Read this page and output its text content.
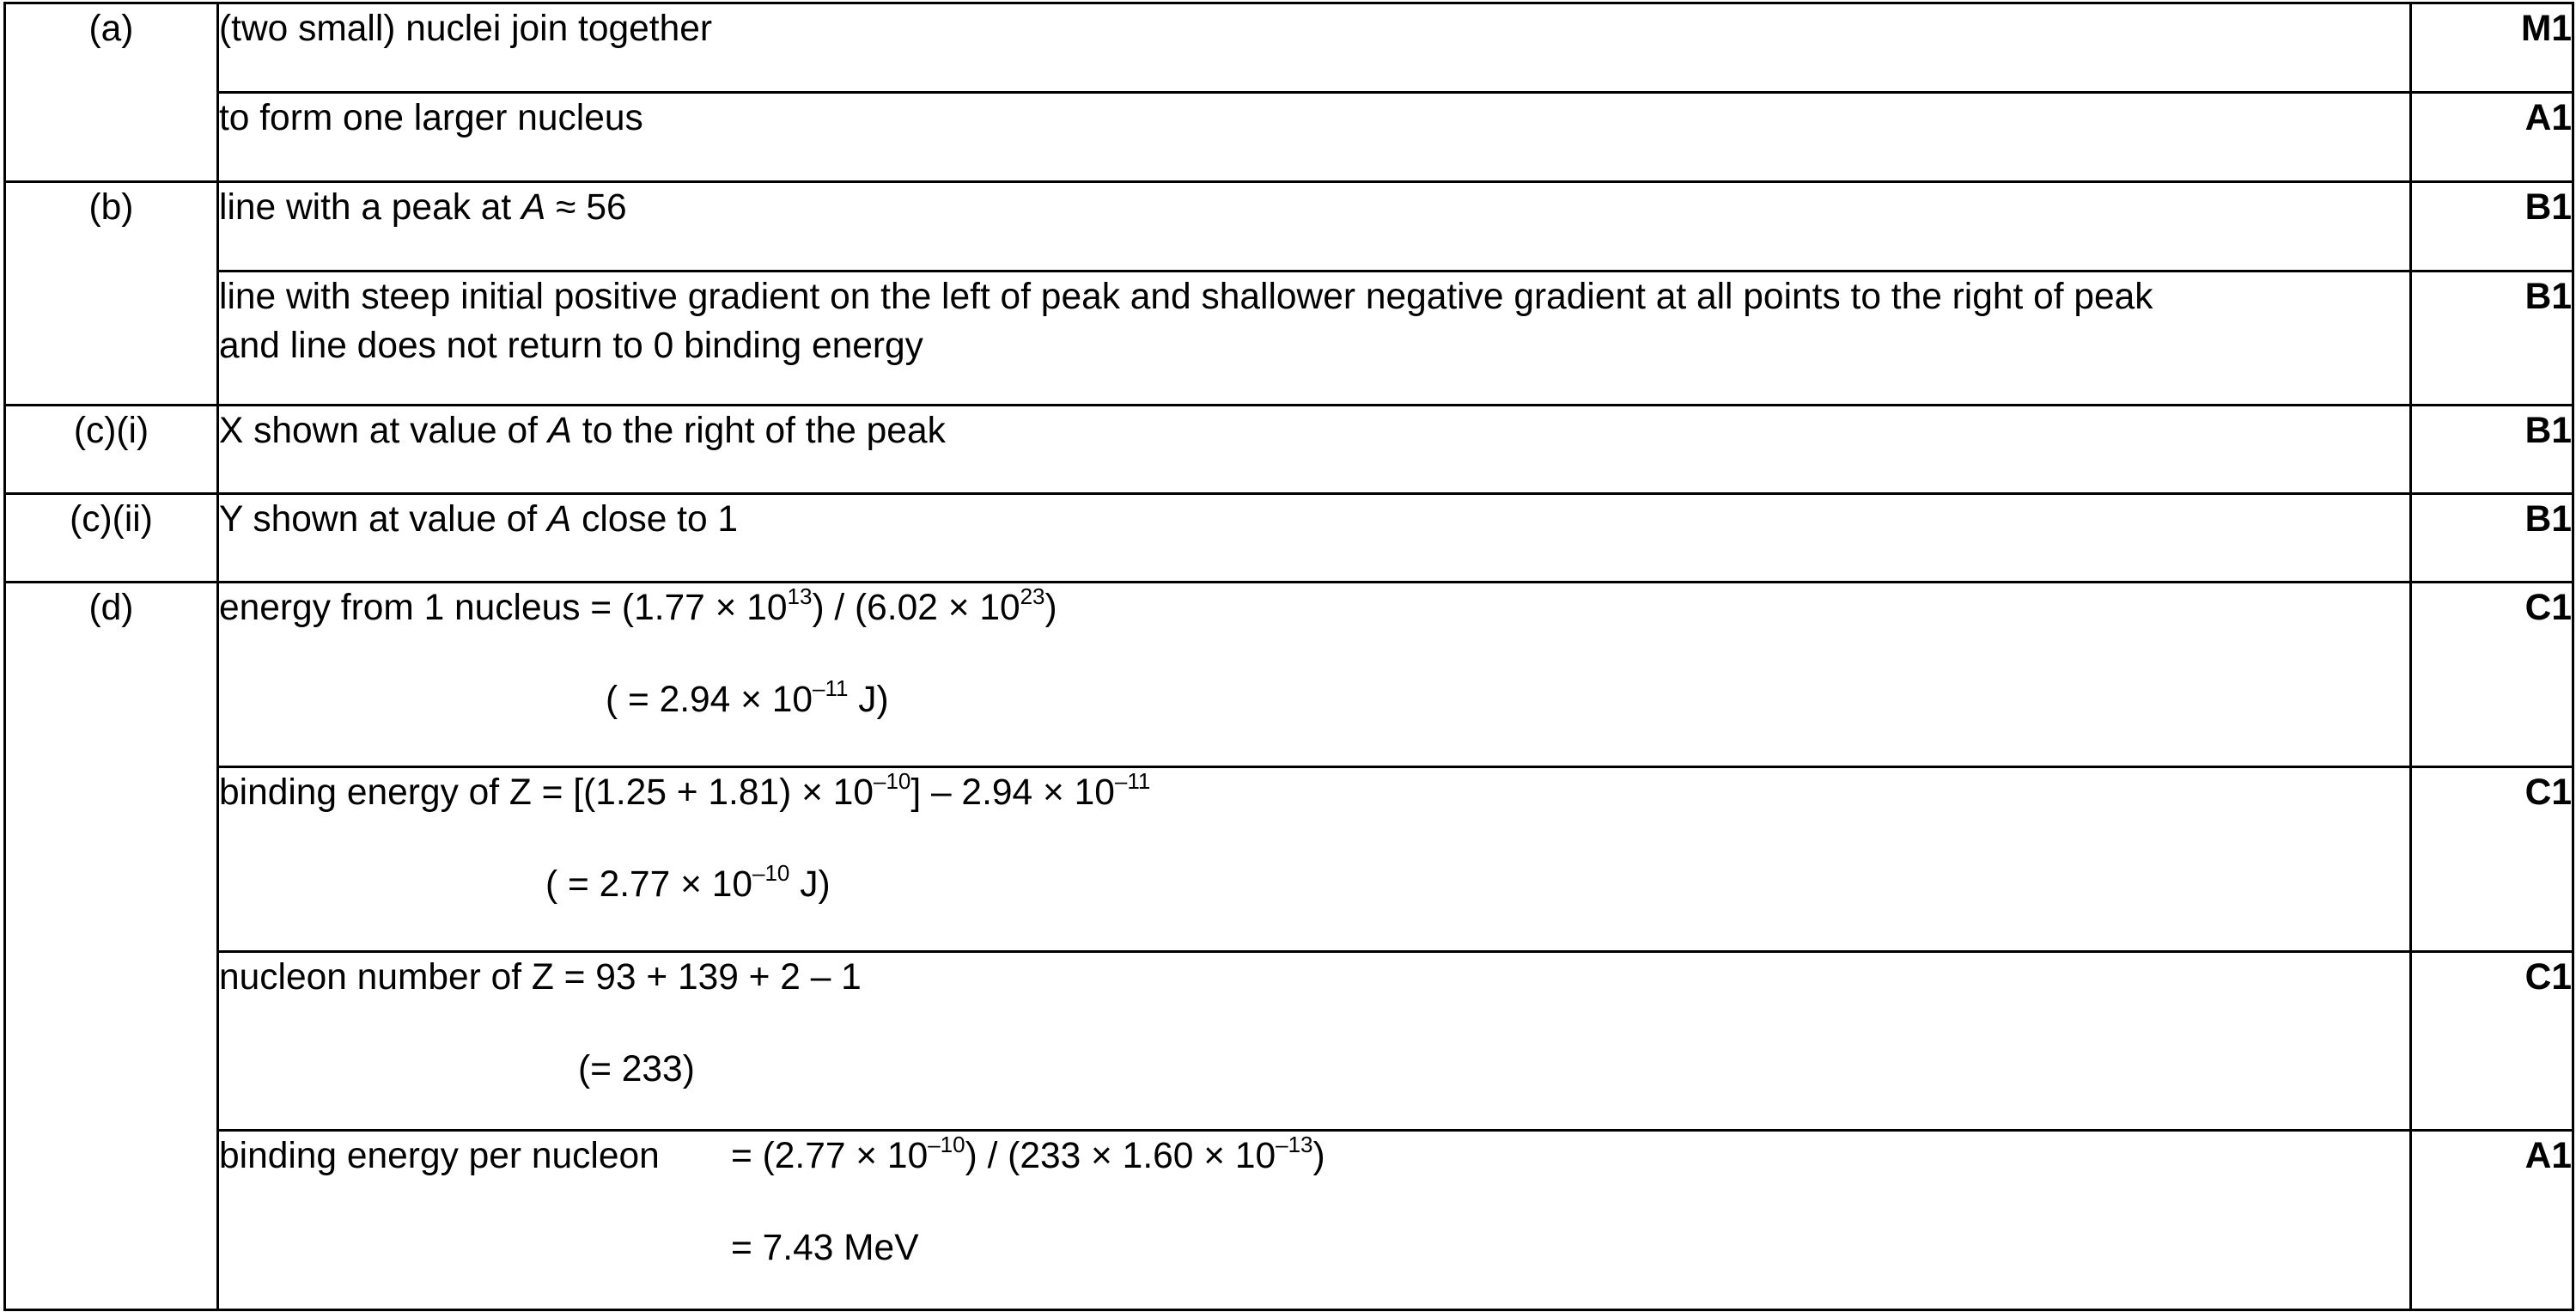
(a)	(two small) nuclei join together	M1
	to form one larger nucleus	A1
(b)	line with a peak at A ≈ 56	B1

	line with steep initial positive gradient on the left of peak and shallower negative gradient at all points to the right of peak
and line does not return to 0 binding energy	B1
(c)(i)	X shown at value of A to the right of the peak	B1
(c)(ii)	Y shown at value of A close to 1	B1
(d)	energy from 1 nucleus = $(1.77 \times 10^{13}) / (6.02 \times 10^{23})$
( = $2.94 \times 10^{-11}$ J)	C1

	binding energy of $Z = [(1.25 + 1.81) \times 10^{-10}] - 2.94 \times 10^{-11}$
( = $2.77 \times 10^{-10}$ J)	C1

	nucleon number of Z = 93 + 139 + 2 – 1
(= 233)	C1

	binding energy per nucleon = $(2.77 \times 10^{-10}) / (233 \times 1.60 \times 10^{-13})$
= 7.43 MeV	A1
